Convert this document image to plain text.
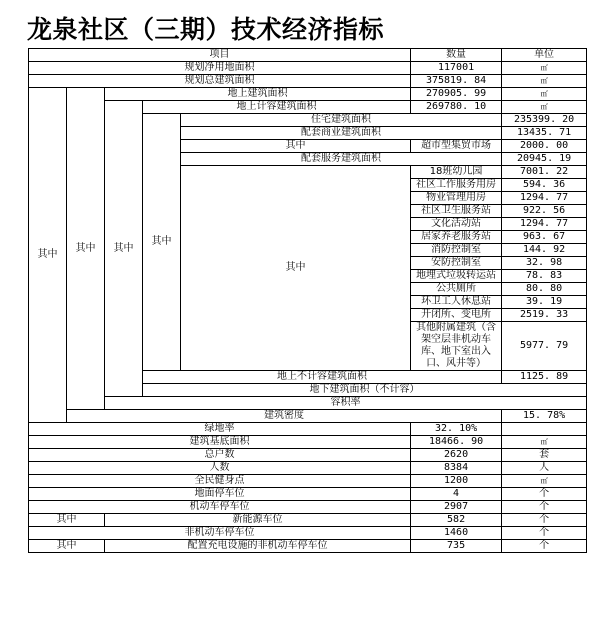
龙泉社区（三期）技术经济指标
项目					数量	单位	
规划净用地面积					117001	㎡	
规划总建筑面积					375819. 84	㎡	
其中	其中	地上建筑面积			270905. 99	㎡	
		其中	地上计容建筑面积		269780. 10	㎡	
			其中	住宅建筑面积		235399. 20	
				配套商业建筑面积		13435. 71	
				其中	超市型集贸市场	2000. 00	
				配套服务建筑面积		20945. 19	
				其中	18班幼儿园	7001. 22	
					社区工作服务用房	594. 36	
					物业管理用房	1294. 77	
					社区卫生服务站	922. 56	
					文化活动站	1294. 77	
					居家养老服务站	963. 67	
					消防控制室	144. 92	
					安防控制室	32. 98	
					地埋式垃圾转运站	78. 83	
					公共厕所	80. 80	
					环卫工人休息站	39. 19	
					开闭所、变电所	2519. 33	
					其他附属建筑（含架空层非机动车库、地下室出入口、风井等）	5977. 79	
			地上不计容建筑面积			1125. 89	
			地下建筑面积（不计容）		
		容积率		
	建筑密度					15. 78%	
绿地率					32. 10%		
建筑基底面积					18466. 90	㎡	
总户数					2620	套	
人数					8384	人	
全民健身点					1200	㎡	
地面停车位					4	个	
机动车停车位					2907	个	
其中		新能源车位			582	个	
非机动车停车位					1460	个	
其中		配置充电设施的非机动车停车位			735	个	
